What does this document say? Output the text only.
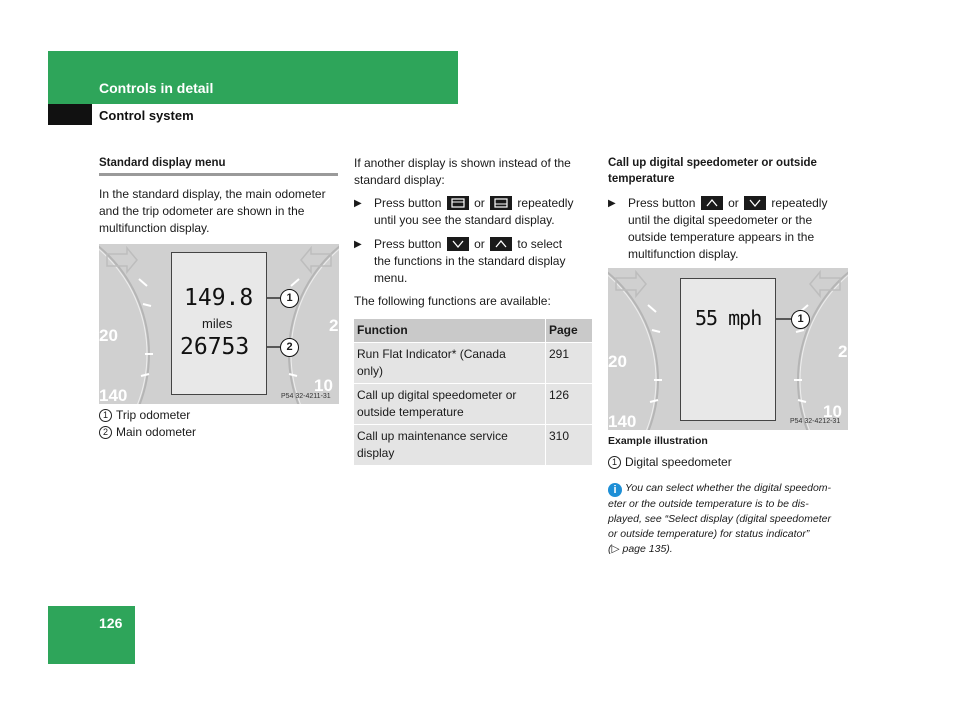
Controls in detail
Control system
Standard display menu
In the standard display, the main odometer
and the trip odometer are shown in the
multifunction display.
20
140
2
10
149.8
miles
26753
1
2
P54 32-4211-31
1 Trip odometer
2 Main odometer
If another display is shown instead of the
standard display:
▶ Press button	or	repeatedly
until you see the standard display.
▶ Press button	or	to select
the functions in the standard display
menu.
The following functions are available:
Function	Page

Run Flat Indicator* (Canada
only)	291

Call up digital speedometer or
outside temperature	126

Call up maintenance service
display	310
Call up digital speedometer or outside
temperature
▶ Press button	or	repeatedly
until the digital speedometer or the
outside temperature appears in the
multifunction display.
20
140
2
10
55 mph	1
P54 32-4212-31
Example illustration
1 Digital speedometer
i You can select whether the digital speedom-
eter or the outside temperature is to be dis-
played, see “Select display (digital speedometer
or outside temperature) for status indicator”
(▷ page 135).
126
